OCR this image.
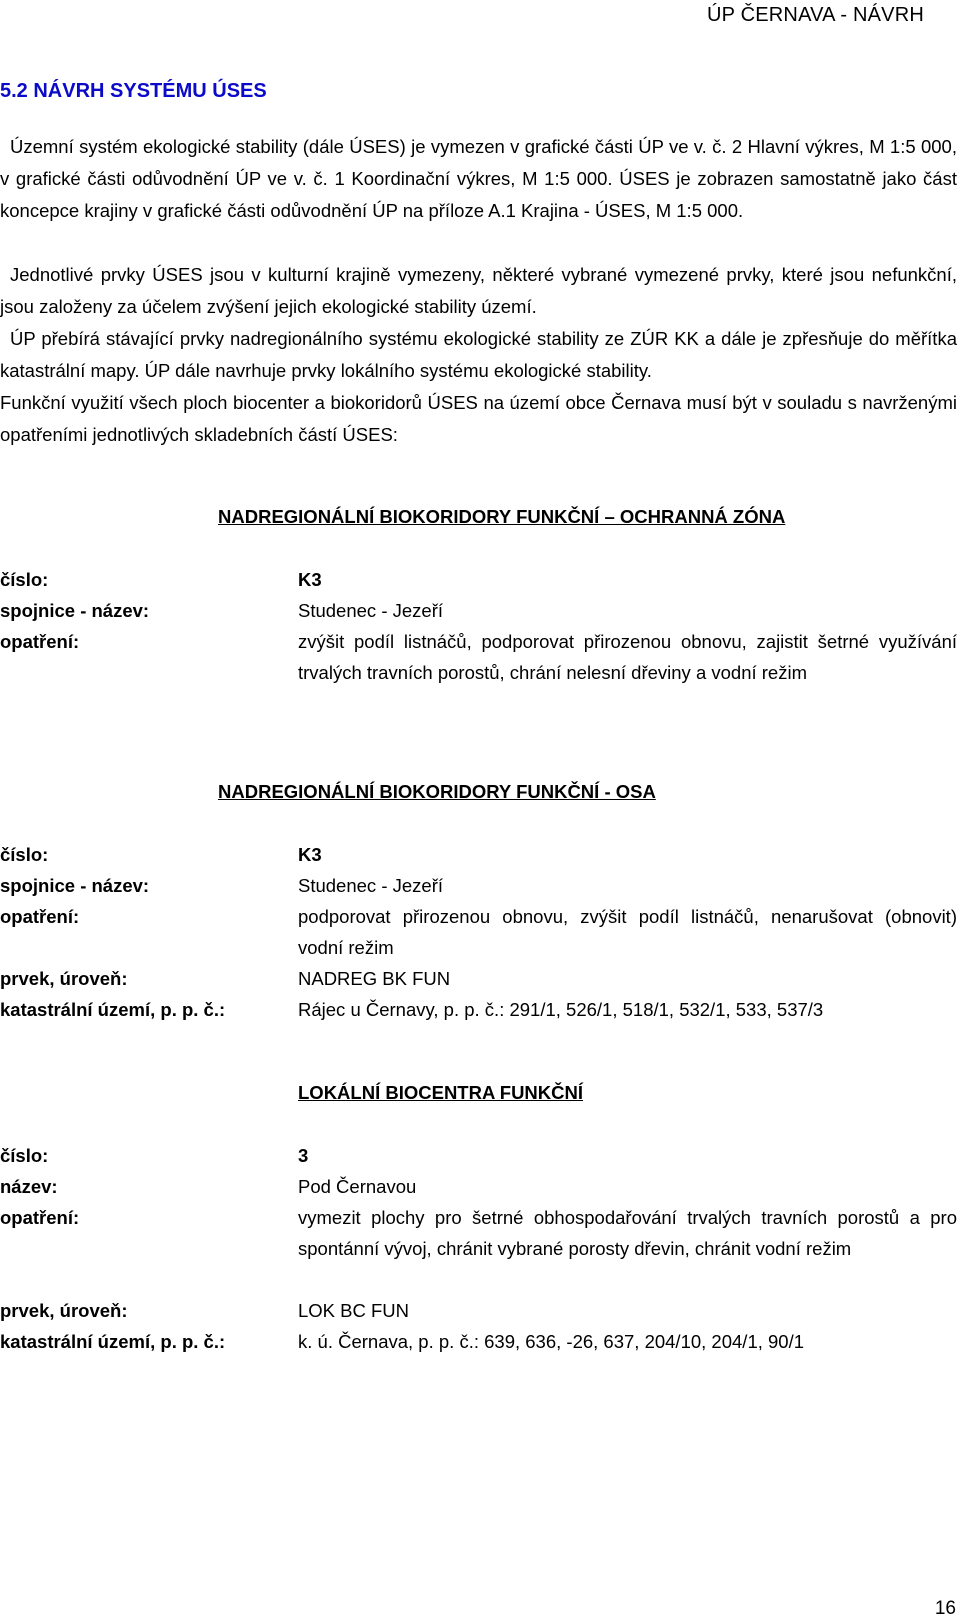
ÚP ČERNAVA - NÁVRH
5.2 NÁVRH SYSTÉMU ÚSES
Územní systém ekologické stability (dále ÚSES) je vymezen v grafické části ÚP ve v. č. 2 Hlavní výkres, M 1:5 000, v grafické části odůvodnění ÚP ve v. č. 1 Koordinační výkres, M 1:5 000. ÚSES je zobrazen samostatně jako část koncepce krajiny v grafické části odůvodnění ÚP na příloze A.1 Krajina - ÚSES, M 1:5 000.
Jednotlivé prvky ÚSES jsou v kulturní krajině vymezeny, některé vybrané vymezené prvky, které jsou nefunkční, jsou založeny za účelem zvýšení jejich ekologické stability území.
ÚP přebírá stávající prvky nadregionálního systému ekologické stability ze ZÚR KK a dále je zpřesňuje do měřítka katastrální mapy. ÚP dále navrhuje prvky lokálního systému ekologické stability.
Funkční využití všech ploch biocenter a biokoridorů ÚSES na území obce Černava musí být v souladu s navrženými opatřeními jednotlivých skladebních částí ÚSES:
NADREGIONÁLNÍ BIOKORIDORY FUNKČNÍ – OCHRANNÁ ZÓNA
číslo:	K3
spojnice - název:	Studenec - Jezeří
opatření:	zvýšit podíl listnáčů, podporovat přirozenou obnovu, zajistit šetrné využívání trvalých travních porostů, chrání nelesní dřeviny a vodní režim
NADREGIONÁLNÍ BIOKORIDORY FUNKČNÍ - OSA
číslo:	K3
spojnice - název:	Studenec - Jezeří
opatření:	podporovat přirozenou obnovu, zvýšit podíl listnáčů, nenarušovat (obnovit) vodní režim
prvek, úroveň:	NADREG BK FUN
katastrální území, p. p. č.:	Rájec u Černavy, p. p. č.: 291/1, 526/1, 518/1, 532/1, 533, 537/3
LOKÁLNÍ BIOCENTRA FUNKČNÍ
číslo:	3
název:	Pod Černavou
opatření:	vymezit plochy pro šetrné obhospodařování trvalých travních porostů a pro spontánní vývoj, chránit vybrané porosty dřevin, chránit vodní režim
prvek, úroveň:	LOK BC FUN
katastrální území, p. p. č.:	k. ú. Černava, p. p. č.: 639, 636, -26, 637, 204/10, 204/1, 90/1
16
